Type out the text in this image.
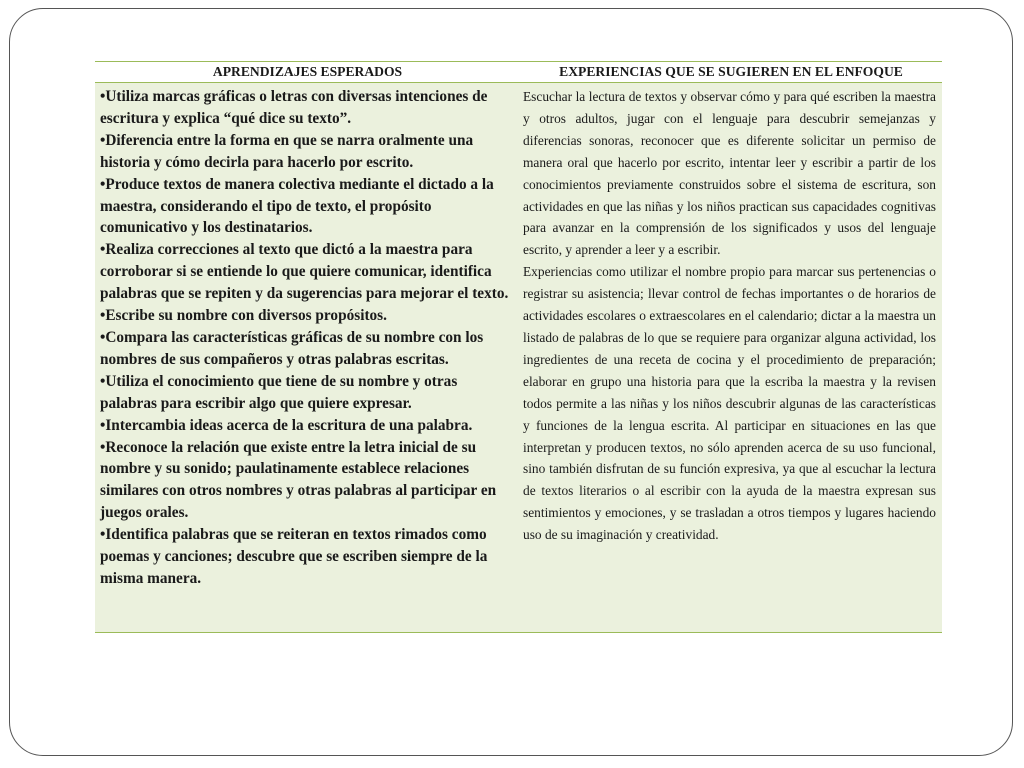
APRENDIZAJES ESPERADOS	EXPERIENCIAS QUE SE SUGIEREN EN EL ENFOQUE

•Utiliza marcas gráficas o letras con diversas intenciones de escritura y explica “qué dice su texto”.

•Diferencia entre la forma en que se narra oralmente una historia y cómo decirla para hacerlo por escrito.

•Produce textos de manera colectiva mediante el dictado a la maestra, considerando el tipo de texto, el propósito comunicativo y los destinatarios.

•Realiza correcciones al texto que dictó a la maestra para corroborar si se entiende lo que quiere comunicar, identifica palabras que se repiten y da sugerencias para mejorar el texto.

•Escribe su nombre con diversos propósitos.

•Compara las características gráficas de su nombre con los nombres de sus compañeros y otras palabras escritas.

•Utiliza el conocimiento que tiene de su nombre y otras palabras para escribir algo que quiere expresar.

•Intercambia ideas acerca de la escritura de una palabra.

•Reconoce la relación que existe entre la letra inicial de su nombre y su sonido; paulatinamente establece relaciones similares con otros nombres y otras palabras al participar en juegos orales.

•Identifica palabras que se reiteran en textos rimados como poemas y canciones; descubre que se escriben siempre de la misma manera.

Escuchar la lectura de textos y observar cómo y para qué escriben la maestra y otros adultos, jugar con el lenguaje para descubrir semejanzas y diferencias sonoras, reconocer que es diferente solicitar un permiso de manera oral que hacerlo por escrito, intentar leer y escribir a partir de los conocimientos previamente construidos sobre el sistema de escritura, son actividades en que las niñas y los niños practican sus capacidades cognitivas para avanzar en la comprensión de los significados y usos del lenguaje escrito, y aprender a leer y a escribir.

Experiencias como utilizar el nombre propio para marcar sus pertenencias o registrar su asistencia; llevar control de fechas importantes o de horarios de actividades escolares o extraescolares en el calendario; dictar a la maestra un listado de palabras de lo que se requiere para organizar alguna actividad, los ingredientes de una receta de cocina y el procedimiento de preparación; elaborar en grupo una historia para que la escriba la maestra y la revisen todos permite a las niñas y los niños descubrir algunas de las características y funciones de la lengua escrita. Al participar en situaciones en las que interpretan y producen textos, no sólo aprenden acerca de su uso funcional, sino también disfrutan de su función expresiva, ya que al escuchar la lectura de textos literarios o al escribir con la ayuda de la maestra expresan sus sentimientos y emociones, y se trasladan a otros tiempos y lugares haciendo uso de su imaginación y creatividad.
